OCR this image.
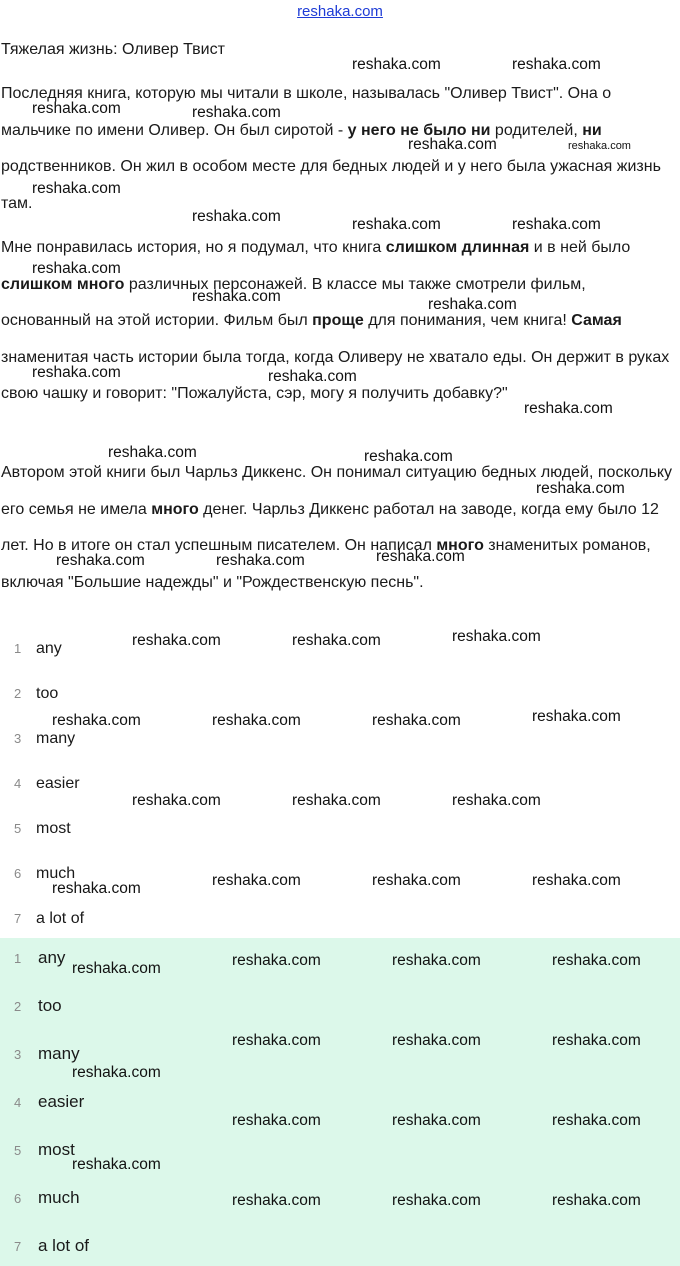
reshaka.com
Тяжелая жизнь: Оливер Твист
Последняя книга, которую мы читали в школе, называлась "Оливер Твист". Она о мальчике по имени Оливер. Он был сиротой - у него не было ни родителей, ни родственников. Он жил в особом месте для бедных людей и у него была ужасная жизнь там.
Мне понравилась история, но я подумал, что книга слишком длинная и в ней было слишком много различных персонажей. В классе мы также смотрели фильм, основанный на этой истории. Фильм был проще для понимания, чем книга! Самая знаменитая часть истории была тогда, когда Оливеру не хватало еды. Он держит в руках свою чашку и говорит: "Пожалуйста, сэр, могу я получить добавку?"
Автором этой книги был Чарльз Диккенс. Он понимал ситуацию бедных людей, поскольку его семья не имела много денег. Чарльз Диккенс работал на заводе, когда ему было 12 лет. Но в итоге он стал успешным писателем. Он написал много знаменитых романов, включая "Большие надежды" и "Рождественскую песнь".
1 any
2 too
3 many
4 easier
5 most
6 much
7 a lot of
1 any
2 too
3 many
4 easier
5 most
6 much
7 a lot of
reshaka.com	reshaka.com
reshaka.com	reshaka.com
reshaka.com	reshaka.com
reshaka.com
reshaka.com	reshaka.com	reshaka.com
reshaka.com
reshaka.com	reshaka.com
reshaka.com	reshaka.com
reshaka.com
reshaka.com	reshaka.com
reshaka.com
reshaka.com	reshaka.com	reshaka.com
reshaka.com	reshaka.com	reshaka.com
reshaka.com	reshaka.com	reshaka.com	reshaka.com
reshaka.com	reshaka.com	reshaka.com
reshaka.com	reshaka.com	reshaka.com	reshaka.com
reshaka.com	reshaka.com	reshaka.com	reshaka.com
reshaka.com	reshaka.com	reshaka.com
reshaka.com
reshaka.com	reshaka.com	reshaka.com
reshaka.com
reshaka.com	reshaka.com	reshaka.com
